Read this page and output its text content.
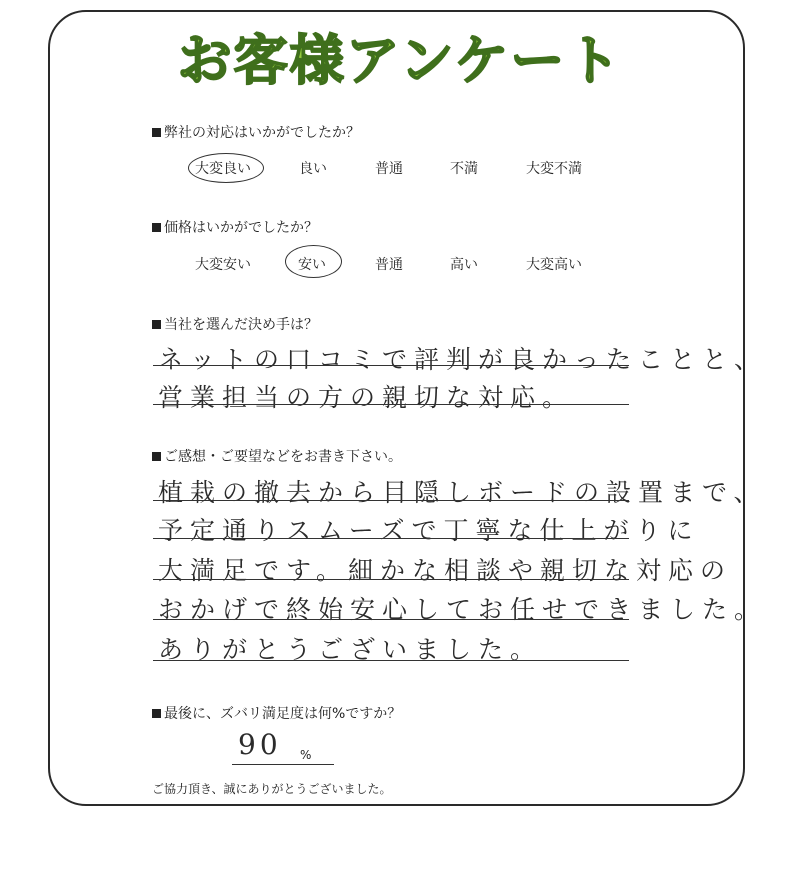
お客様アンケート
弊社の対応はいかがでしたか？
大変良い	良い	普通	不満	大変不満
価格はいかがでしたか？
大変安い	安い	普通	高い	大変高い
当社を選んだ決め手は？
ネットの口コミで評判が良かったことと、
営業担当の方の親切な対応。
ご感想・ご要望などをお書き下さい。
植栽の撤去から目隠しボードの設置まで、
予定通りスムーズで丁寧な仕上がりに
大満足です。細かな相談や親切な対応の
おかげで終始安心してお任せできました。
ありがとうございました。
最後に、ズバリ満足度は何%ですか？
90 %
ご協力頂き、誠にありがとうございました。
